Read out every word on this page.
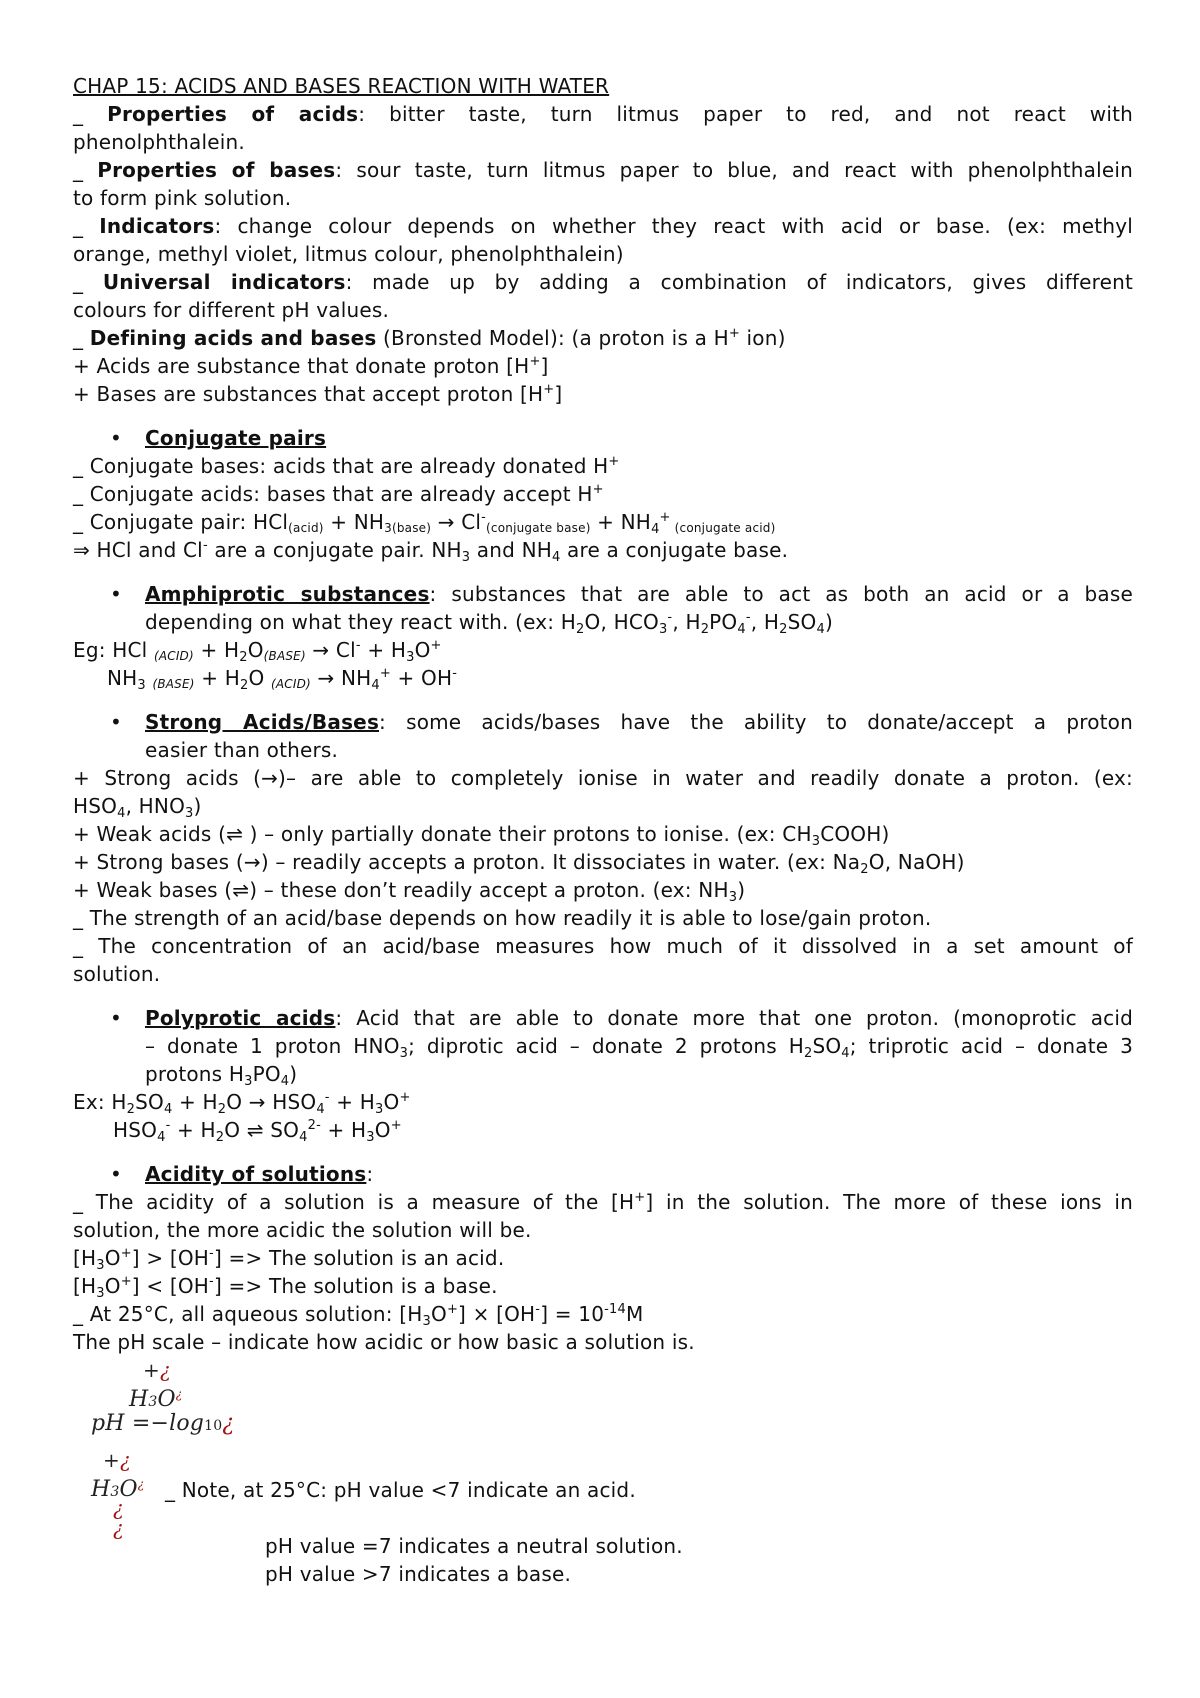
CHAP 15: ACIDS AND BASES REACTION WITH WATER
_ Properties of acids: bitter taste, turn litmus paper to red, and not react with
phenolphthalein.
_ Properties of bases: sour taste, turn litmus paper to blue, and react with phenolphthalein
to form pink solution.
_ Indicators: change colour depends on whether they react with acid or base. (ex: methyl
orange, methyl violet, litmus colour, phenolphthalein)
_ Universal indicators: made up by adding a combination of indicators, gives different
colours for different pH values.
_ Defining acids and bases (Bronsted Model): (a proton is a H+ ion)
+ Acids are substance that donate proton [H+]
+ Bases are substances that accept proton [H+]
• Conjugate pairs
_ Conjugate bases: acids that are already donated H+
_ Conjugate acids: bases that are already accept H+
_ Conjugate pair: HCl(acid) + NH3(base) → Cl-(conjugate base) + $NH_4^+$ (conjugate acid)
⇒ HCl and Cl- are a conjugate pair. $NH_3$ and $NH_4$ are a conjugate base.
• Amphiprotic substances: substances that are able to act as both an acid or a base
depending on what they react with. (ex: $H_2O$, $HCO_3^-$, $H_2PO_4^-$, $H_2SO_4$)
Eg: HCl (ACID) + $H_2O(BASE) \to Cl^- + H_3O^+$
$NH_3$ (BASE) + $H_2O$ (ACID) → $NH_4^+ + OH^-$
• Strong Acids/Bases: some acids/bases have the ability to donate/accept a proton
easier than others.
+ Strong acids (→)– are able to completely ionise in water and readily donate a proton. (ex:
$HSO_4$, $HNO_3$)
+ Weak acids (⇌ ) – only partially donate their protons to ionise. (ex: $CH_3COOH$)
+ Strong bases (→) – readily accepts a proton. It dissociates in water. (ex: $Na_2O$, NaOH)
+ Weak bases (⇌) – these don’t readily accept a proton. (ex: $NH_3$)
_ The strength of an acid/base depends on how readily it is able to lose/gain proton.
_ The concentration of an acid/base measures how much of it dissolved in a set amount of
solution.
• Polyprotic acids: Acid that are able to donate more that one proton. (monoprotic acid
– donate 1 proton $HNO_3$; diprotic acid – donate 2 protons $H_2SO_4$; triprotic acid – donate 3
protons $H_3PO_4$)
Ex: $H_2SO_4 + H_2O \to HSO_4^- + H_3O^+$
$HSO_4^- + H_2O$ ⇌ $SO_4^{2-} + H_3O^+$
• Acidity of solutions:
_ The acidity of a solution is a measure of the [H+] in the solution. The more of these ions in
solution, the more acidic the solution will be.
$[H_3O^+] > [OH^-]$ => The solution is an acid.
$[H_3O^+] < [OH^-]$ => The solution is a base.
_ At 25°C, all aqueous solution: $[H_3O^+] \times [OH^-] = 10^{-14}M$
The pH scale – indicate how acidic or how basic a solution is.
+¿
H3O¿
pH =−log10¿
+¿
H3O¿
¿
¿
_ Note, at 25°C: pH value <7 indicate an acid.
pH value =7 indicates a neutral solution.
pH value >7 indicates a base.
